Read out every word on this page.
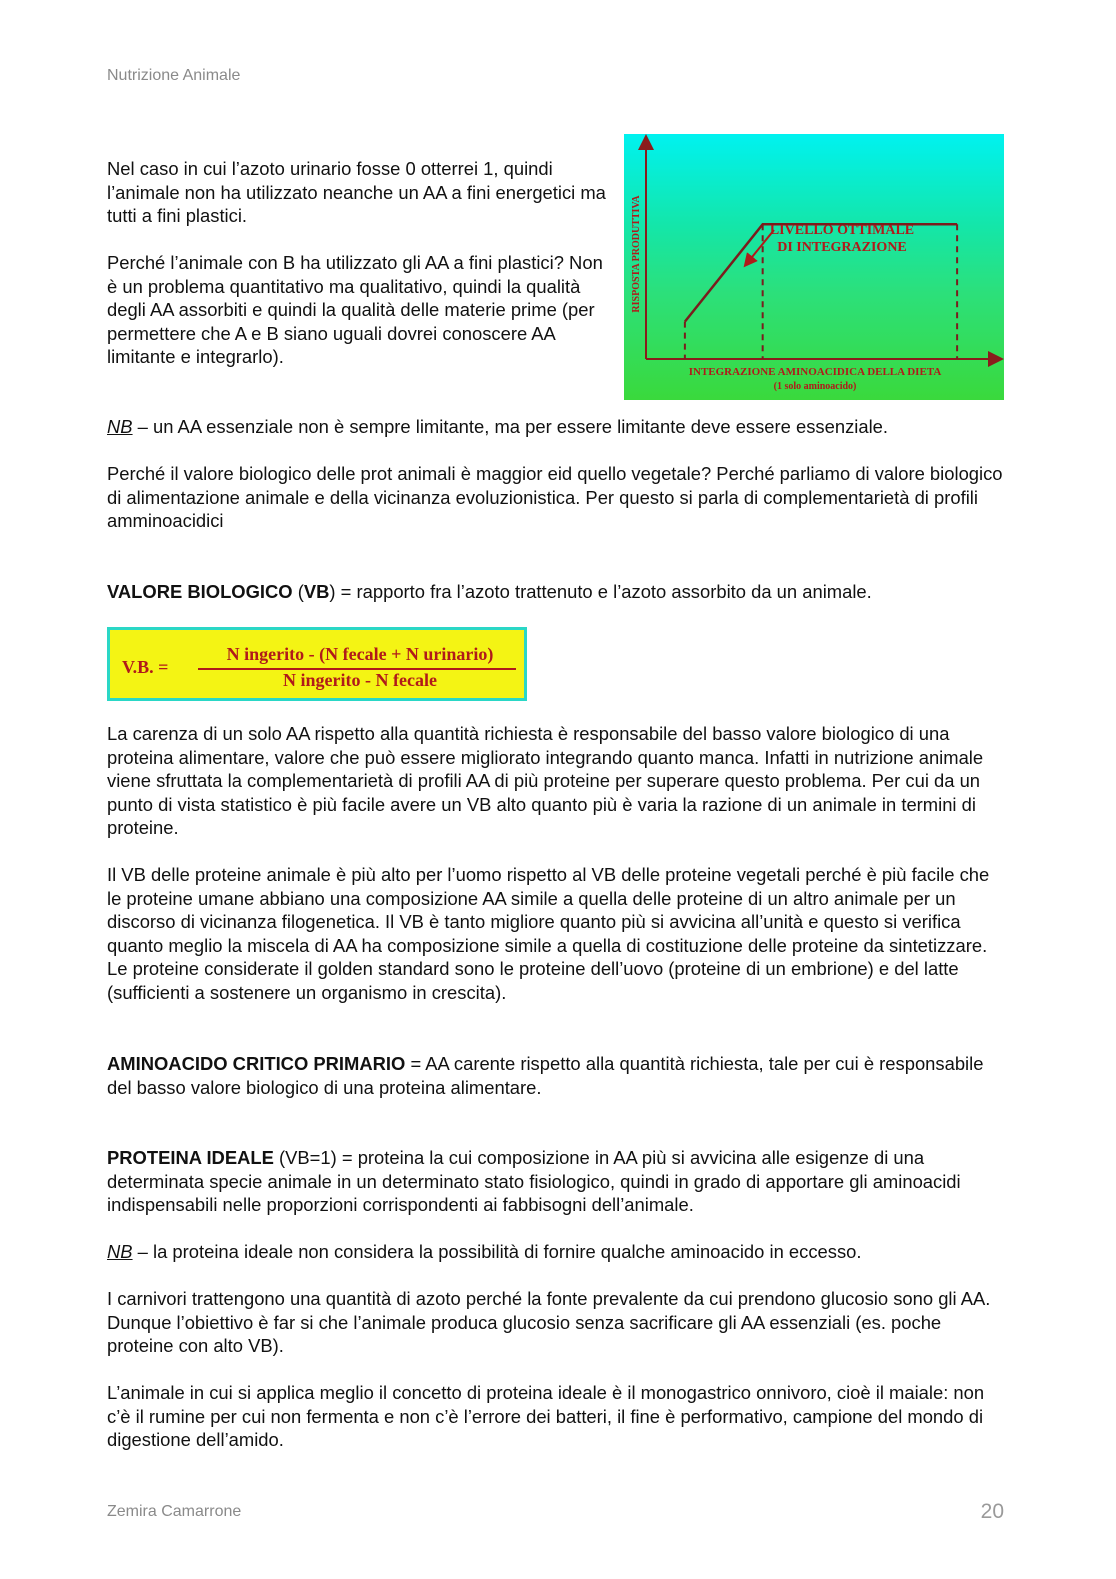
Nutrizione Animale

Nel caso in cui l’azoto urinario fosse 0 otterrei 1, quindi l’animale non ha utilizzato neanche un AA a fini energetici ma tutti a fini plastici.

Perché l’animale con B ha utilizzato gli AA a fini plastici? Non è un problema quantitativo ma qualitativo, quindi la qualità degli AA assorbiti e quindi la qualità delle materie prime (per permettere che A e B siano uguali dovrei conoscere AA limitante e integrarlo).

LIVELLO OTTIMALE
DI INTEGRAZIONE
RISPOSTA PRODUTTIVA
INTEGRAZIONE AMINOACIDICA DELLA DIETA
(1 solo aminoacido)

NB – un AA essenziale non è sempre limitante, ma per essere limitante deve essere essenziale.

Perché il valore biologico delle prot animali è maggior eid quello vegetale? Perché parliamo di valore biologico di alimentazione animale e della vicinanza evoluzionistica. Per questo si parla di complementarietà di profili amminoacidici

VALORE BIOLOGICO (VB) = rapporto fra l’azoto trattenuto e l’azoto assorbito da un animale.

V.B. =
N ingerito - (N fecale + N urinario)
N ingerito - N fecale

La carenza di un solo AA rispetto alla quantità richiesta è responsabile del basso valore biologico di una proteina alimentare, valore che può essere migliorato integrando quanto manca. Infatti in nutrizione animale viene sfruttata la complementarietà di profili AA di più proteine per superare questo problema. Per cui da un punto di vista statistico è più facile avere un VB alto quanto più è varia la razione di un animale in termini di proteine.

Il VB delle proteine animale è più alto per l’uomo rispetto al VB delle proteine vegetali perché è più facile che le proteine umane abbiano una composizione AA simile a quella delle proteine di un altro animale per un discorso di vicinanza filogenetica. Il VB è tanto migliore quanto più si avvicina all’unità e questo si verifica quanto meglio la miscela di AA ha composizione simile a quella di costituzione delle proteine da sintetizzare. Le proteine considerate il golden standard sono le proteine dell’uovo (proteine di un embrione) e del latte (sufficienti a sostenere un organismo in crescita).

AMINOACIDO CRITICO PRIMARIO = AA carente rispetto alla quantità richiesta, tale per cui è responsabile del basso valore biologico di una proteina alimentare.

PROTEINA IDEALE (VB=1) = proteina la cui composizione in AA più si avvicina alle esigenze di una determinata specie animale in un determinato stato fisiologico, quindi in grado di apportare gli aminoacidi indispensabili nelle proporzioni corrispondenti ai fabbisogni dell’animale.

NB – la proteina ideale non considera la possibilità di fornire qualche aminoacido in eccesso.

I carnivori trattengono una quantità di azoto perché la fonte prevalente da cui prendono glucosio sono gli AA. Dunque l’obiettivo è far si che l’animale produca glucosio senza sacrificare gli AA essenziali (es. poche proteine con alto VB).

L’animale in cui si applica meglio il concetto di proteina ideale è il monogastrico onnivoro, cioè il maiale: non c’è il rumine per cui non fermenta e non c’è l’errore dei batteri, il fine è performativo, campione del mondo di digestione dell’amido.

Zemira Camarrone	20
